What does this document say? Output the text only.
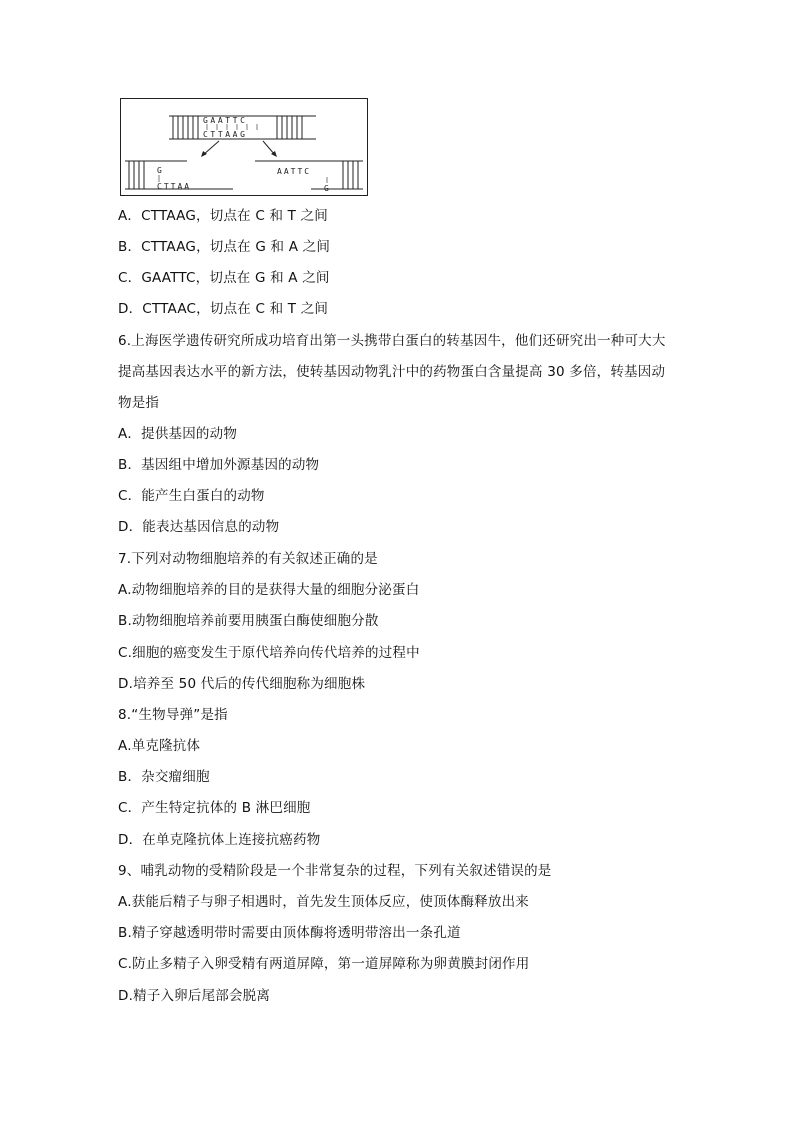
GAATTC
CTTAAG
G
CTTAA
AATTC
G
A．CTTAAG，切点在 C 和 T 之间
B．CTTAAG，切点在 G 和 A 之间
C．GAATTC，切点在 G 和 A 之间
D．CTTAAC，切点在 C 和 T 之间
6.上海医学遗传研究所成功培育出第一头携带白蛋白的转基因牛，他们还研究出一种可大大
提高基因表达水平的新方法，使转基因动物乳汁中的药物蛋白含量提高 30 多倍，转基因动
物是指
A．提供基因的动物
B．基因组中增加外源基因的动物
C．能产生白蛋白的动物
D．能表达基因信息的动物
7.下列对动物细胞培养的有关叙述正确的是
A.动物细胞培养的目的是获得大量的细胞分泌蛋白
B.动物细胞培养前要用胰蛋白酶使细胞分散
C.细胞的癌变发生于原代培养向传代培养的过程中
D.培养至 50 代后的传代细胞称为细胞株
8.“生物导弹”是指
A.单克隆抗体
B．杂交瘤细胞
C．产生特定抗体的 B 淋巴细胞
D．在单克隆抗体上连接抗癌药物
9、哺乳动物的受精阶段是一个非常复杂的过程，下列有关叙述错误的是
A.获能后精子与卵子相遇时，首先发生顶体反应，使顶体酶释放出来
B.精子穿越透明带时需要由顶体酶将透明带溶出一条孔道
C.防止多精子入卵受精有两道屏障，第一道屏障称为卵黄膜封闭作用
D.精子入卵后尾部会脱离
